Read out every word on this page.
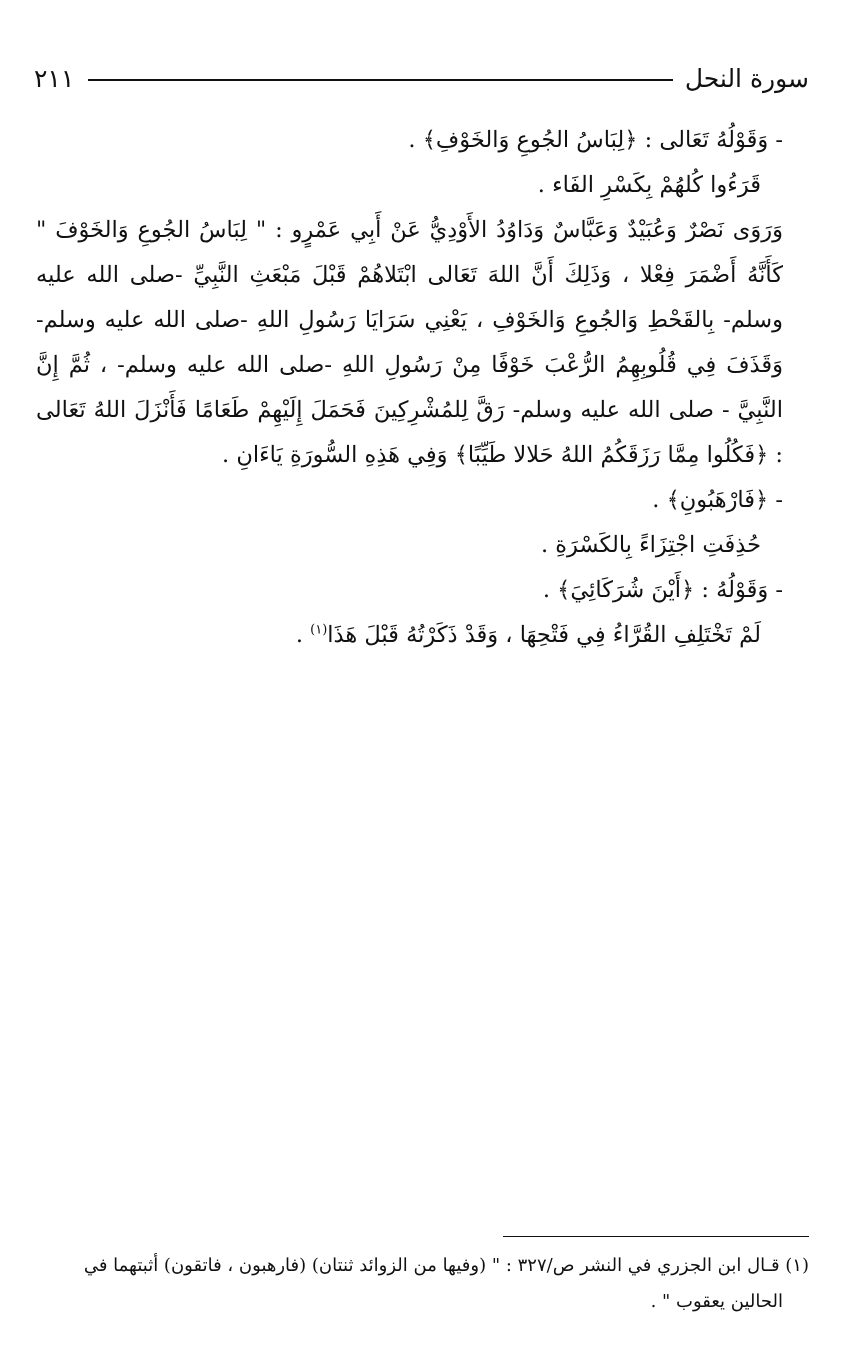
سورة النحل
٢١١

- وَقَوْلُهُ تَعَالى : ﴿لِبَاسُ الجُوعِ وَالخَوْفِ﴾ .

قَرَءُوا كُلهُمْ بِكَسْرِ الفَاء .

وَرَوَى نَصْرٌ وَعُبَيْدٌ وَعَبَّاسٌ وَدَاوُدُ الأَوْدِيُّ عَنْ أَبِي عَمْرٍو : " لِبَاسُ الجُوعِ وَالخَوْفَ " كَأَنَّهُ أَضْمَرَ فِعْلا ، وَذَلِكَ أَنَّ اللهَ تَعَالى ابْتَلاهُمْ قَبْلَ مَبْعَثِ النَّبِيِّ -صلى الله عليه وسلم- بِالقَحْطِ وَالجُوعِ وَالخَوْفِ ، يَعْنِي سَرَايَا رَسُولِ اللهِ -صلى الله عليه وسلم- وَقَذَفَ فِي قُلُوبِهِمُ الرُّعْبَ خَوْفًا مِنْ رَسُولِ اللهِ -صلى الله عليه وسلم- ، ثُمَّ إِنَّ النَّبِيَّ - صلى الله عليه وسلم- رَقَّ لِلمُشْرِكِينَ فَحَمَلَ إِلَيْهِمْ طَعَامًا فَأَنْزَلَ اللهُ تَعَالى : ﴿فَكُلُوا مِمَّا رَزَقَكُمُ اللهُ حَلالا طَيِّبًا﴾ وَفِي هَذِهِ السُّورَةِ يَاءَانِ .

- ﴿فَارْهَبُونِ﴾ .

حُذِفَتِ اجْتِزَاءً بِالكَسْرَةِ .

- وَقَوْلُهُ : ﴿أَيْنَ شُرَكَائِيَ﴾ .

لَمْ تَخْتَلِفِ القُرَّاءُ فِي فَتْحِهَا ، وَقَدْ ذَكَرْتُهُ قَبْلَ هَذَا$^{(١)}$ .

(١) قـال ابن الجزري في النشر ص/٣٢٧ : " (وفيها من الزوائد ثنتان) (فارهبون ، فاتقون) أثبتهما في

الحالين يعقوب " .
